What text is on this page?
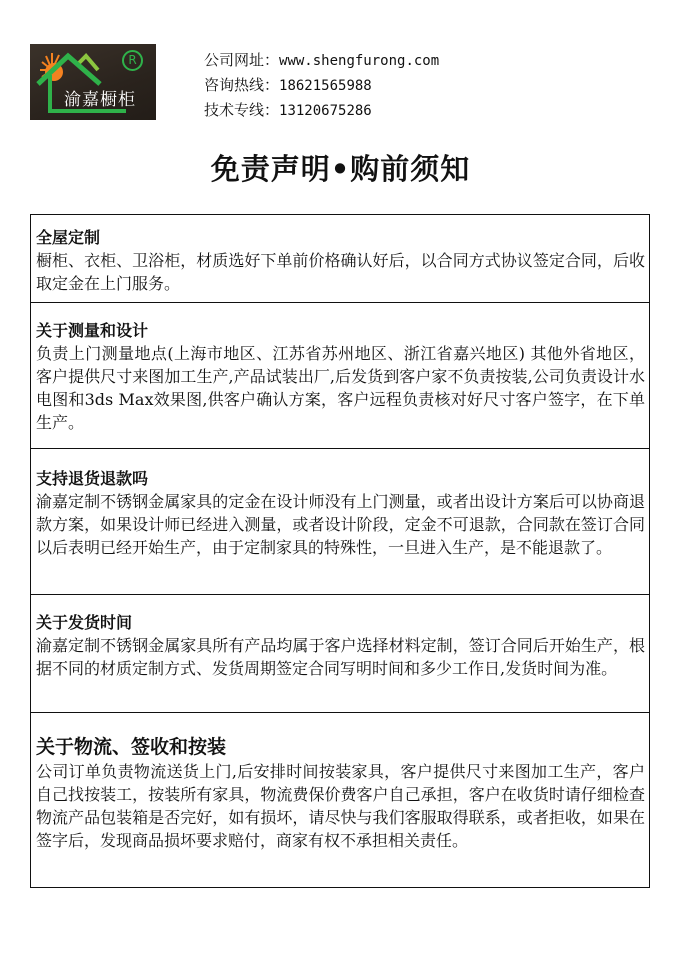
R
渝嘉橱柜
公司网址：www.shengfurong.com
咨询热线：18621565988
技术专线：13120675286
免责声明•购前须知
全屋定制
橱柜、衣柜、卫浴柜，材质选好下单前价格确认好后，以合同方式协议签定合同，后收取定金在上门服务。
关于测量和设计
负责上门测量地点(上海市地区、江苏省苏州地区、浙江省嘉兴地区) 其他外省地区，客户提供尺寸来图加工生产,产品试装出厂,后发货到客户家不负责按装,公司负责设计水电图和3ds Max效果图,供客户确认方案，客户远程负责核对好尺寸客户签字，在下单生产。
支持退货退款吗
渝嘉定制不锈钢金属家具的定金在设计师没有上门测量，或者出设计方案后可以协商退款方案，如果设计师已经进入测量，或者设计阶段，定金不可退款，合同款在签订合同以后表明已经开始生产，由于定制家具的特殊性，一旦进入生产，是不能退款了。
关于发货时间
渝嘉定制不锈钢金属家具所有产品均属于客户选择材料定制，签订合同后开始生产，根据不同的材质定制方式、发货周期签定合同写明时间和多少工作日,发货时间为准。
关于物流、签收和按装
公司订单负责物流送货上门,后安排时间按装家具，客户提供尺寸来图加工生产，客户自己找按装工，按装所有家具，物流费保价费客户自己承担，客户在收货时请仔细检查物流产品包装箱是否完好，如有损坏，请尽快与我们客服取得联系，或者拒收，如果在签字后，发现商品损坏要求赔付，商家有权不承担相关责任。
